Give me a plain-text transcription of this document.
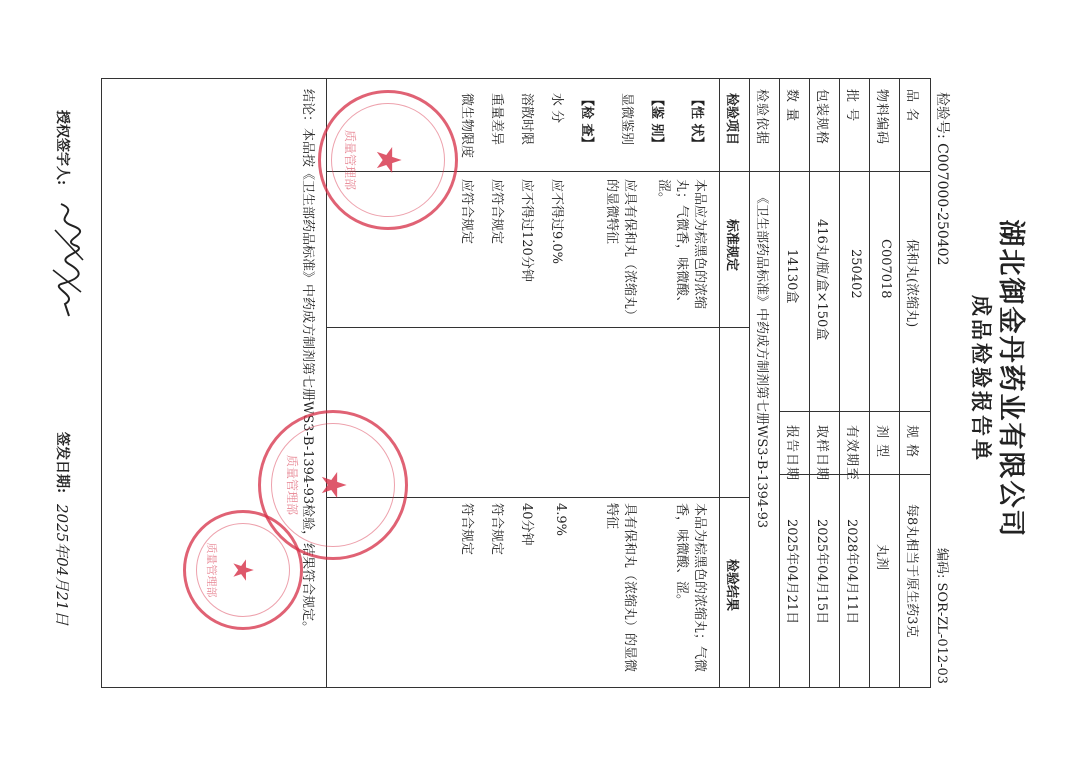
湖北御金丹药业有限公司
成品检验报告单
检验号: C007000-250402
编码: SOR-ZL-012-03
品 名
保和丸(浓缩丸)
规 格
每8丸相当于原生药3克
物料编码
C007018
剂 型
丸剂
批 号
250402
有效期至
2028年04月11日
包装规格
416丸/瓶/盒×150盒
取样日期
2025年04月15日
数 量
14130盒
报告日期
2025年04月21日
检验依据
《卫生部药品标准》中药成方制剂第七册WS3-B-1394-93
检验项目
标准规定
检验结果
【性 状】
本品应为棕黑色的浓缩丸；气微香，味微酸、涩。
本品为棕黑色的浓缩丸；气微香，味微酸、涩。
【鉴 别】
显微鉴别
应具有保和丸（浓缩丸）的显微特征
具有保和丸（浓缩丸）的显微特征
【检 查】
水 分
应不得过9.0%
4.9%
溶散时限
应不得过120分钟
40分钟
重量差异
应符合规定
符合规定
微生物限度
应符合规定
符合规定
结论：本品按《卫生部药品标准》中药成方制剂第七册WS3-B-1394-93检验，结果符合规定。
授权签字人:
签发日期:
2025年04月21日
★
质量管理部
★
质量管理部
★
质量管理部
